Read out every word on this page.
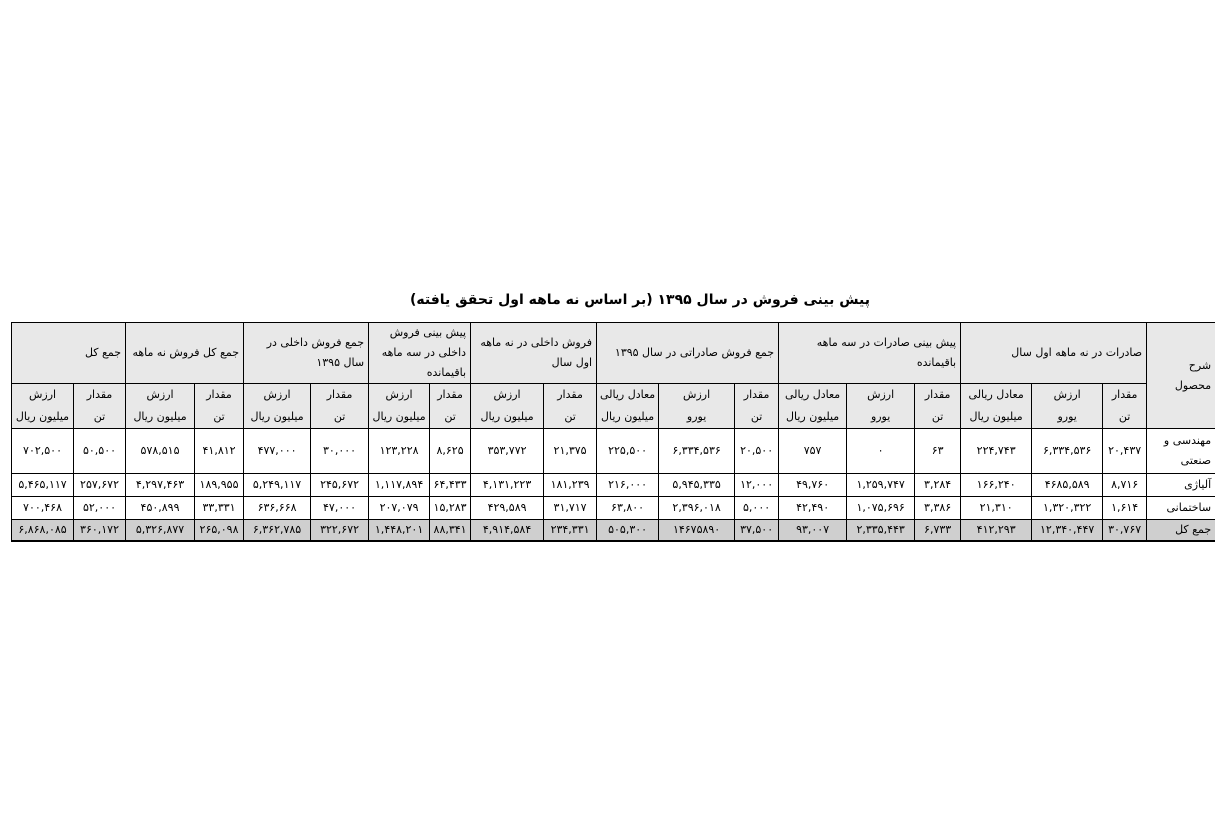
پیش بینی فروش در سال ۱۳۹۵ (بر اساس نه ماهه اول تحقق یافته)
شرح محصول	صادرات در نه ماهه اول سال			پیش بینی صادرات در سه ماهه باقیمانده			جمع فروش صادراتی در سال ۱۳۹۵			فروش داخلی در نه ماهه اول سال		پیش بینی فروش داخلی در سه ماهه باقیمانده		جمع فروش داخلی در سال ۱۳۹۵		جمع کل فروش نه ماهه		جمع کل	
	مقدار	ارزش	معادل ریالی	مقدار	ارزش	معادل ریالی	مقدار	ارزش	معادل ریالی	مقدار	ارزش	مقدار	ارزش	مقدار	ارزش	مقدار	ارزش	مقدار	ارزش
	تن	یورو	میلیون ریال	تن	یورو	میلیون ریال	تن	یورو	میلیون ریال	تن	میلیون ریال	تن	میلیون ریال	تن	میلیون ریال	تن	میلیون ریال	تن	میلیون ریال
مهندسی و صنعتی	۲۰,۴۳۷	۶,۳۳۴,۵۳۶	۲۲۴,۷۴۳	۶۳	۰	۷۵۷	۲۰,۵۰۰	۶,۳۳۴,۵۳۶	۲۲۵,۵۰۰	۲۱,۳۷۵	۳۵۳,۷۷۲	۸,۶۲۵	۱۲۳,۲۲۸	۳۰,۰۰۰	۴۷۷,۰۰۰	۴۱,۸۱۲	۵۷۸,۵۱۵	۵۰,۵۰۰	۷۰۲,۵۰۰
آلیاژی	۸,۷۱۶	۴۶۸۵,۵۸۹	۱۶۶,۲۴۰	۳,۲۸۴	۱,۲۵۹,۷۴۷	۴۹,۷۶۰	۱۲,۰۰۰	۵,۹۴۵,۳۳۵	۲۱۶,۰۰۰	۱۸۱,۲۳۹	۴,۱۳۱,۲۲۳	۶۴,۴۳۳	۱,۱۱۷,۸۹۴	۲۴۵,۶۷۲	۵,۲۴۹,۱۱۷	۱۸۹,۹۵۵	۴,۲۹۷,۴۶۳	۲۵۷,۶۷۲	۵,۴۶۵,۱۱۷
ساختمانی	۱,۶۱۴	۱,۳۲۰,۳۲۲	۲۱,۳۱۰	۳,۳۸۶	۱,۰۷۵,۶۹۶	۴۲,۴۹۰	۵,۰۰۰	۲,۳۹۶,۰۱۸	۶۳,۸۰۰	۳۱,۷۱۷	۴۲۹,۵۸۹	۱۵,۲۸۳	۲۰۷,۰۷۹	۴۷,۰۰۰	۶۳۶,۶۶۸	۳۳,۳۳۱	۴۵۰,۸۹۹	۵۲,۰۰۰	۷۰۰,۴۶۸
جمع کل	۳۰,۷۶۷	۱۲,۳۴۰,۴۴۷	۴۱۲,۲۹۳	۶,۷۳۳	۲,۳۳۵,۴۴۳	۹۳,۰۰۷	۳۷,۵۰۰	۱۴۶۷۵۸۹۰	۵۰۵,۳۰۰	۲۳۴,۳۳۱	۴,۹۱۴,۵۸۴	۸۸,۳۴۱	۱,۴۴۸,۲۰۱	۳۲۲,۶۷۲	۶,۳۶۲,۷۸۵	۲۶۵,۰۹۸	۵,۳۲۶,۸۷۷	۳۶۰,۱۷۲	۶,۸۶۸,۰۸۵
